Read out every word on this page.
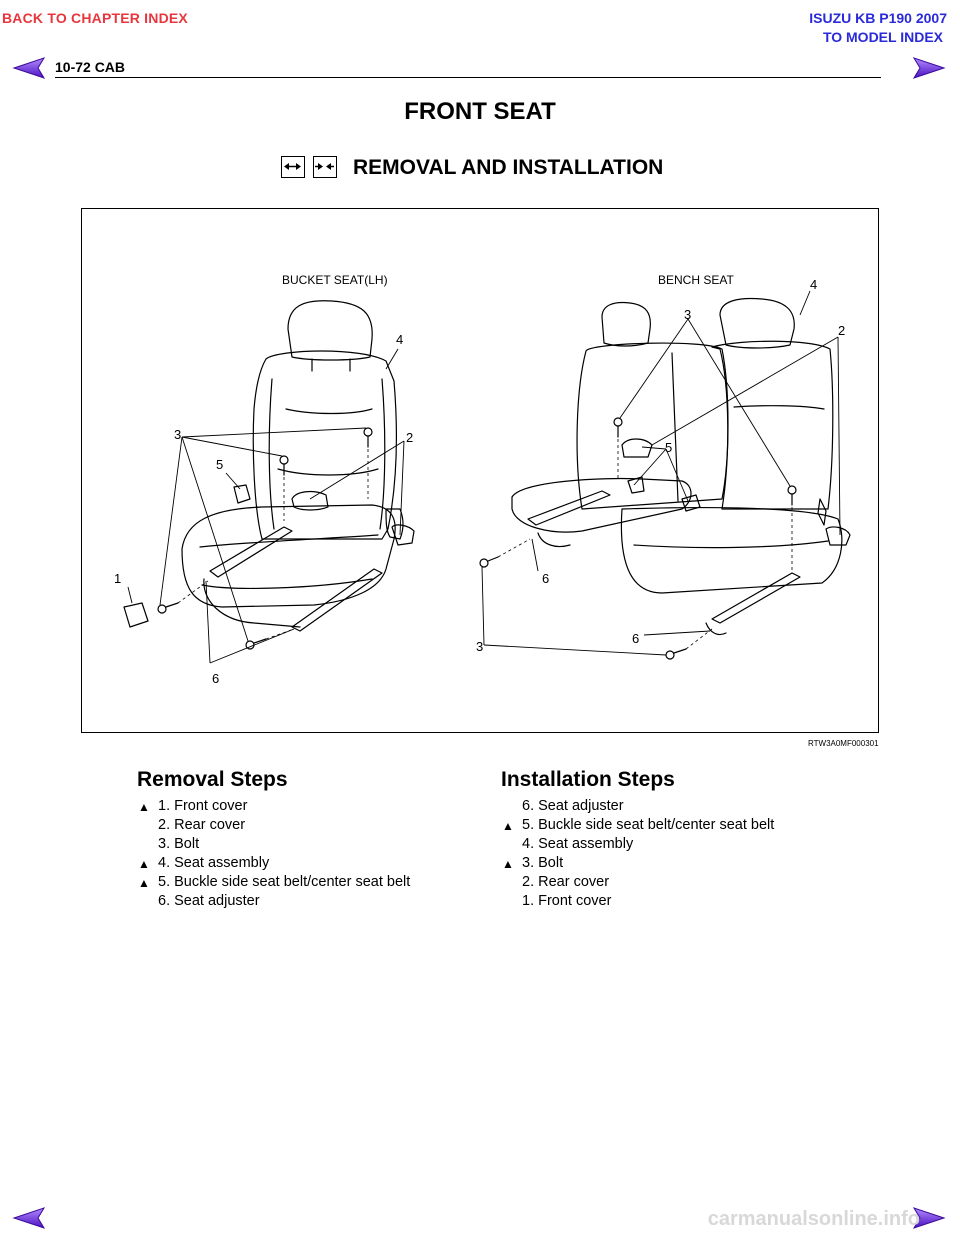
BACK TO CHAPTER INDEX	ISUZU KB P190 2007
TO MODEL INDEX
10-72 CAB
FRONT SEAT
REMOVAL AND INSTALLATION
BUCKET SEAT(LH)	BENCH SEAT
1
2
3
4
5
6
2
3
3
4
5
6
6
RTW3A0MF000301
Removal Steps
▲ 1. Front cover
2. Rear cover
3. Bolt
▲ 4. Seat assembly
▲ 5. Buckle side seat belt/center seat belt
6. Seat adjuster
Installation Steps
6. Seat adjuster
▲ 5. Buckle side seat belt/center seat belt
4. Seat assembly
▲ 3. Bolt
2. Rear cover
1. Front cover
carmanualsonline.info
